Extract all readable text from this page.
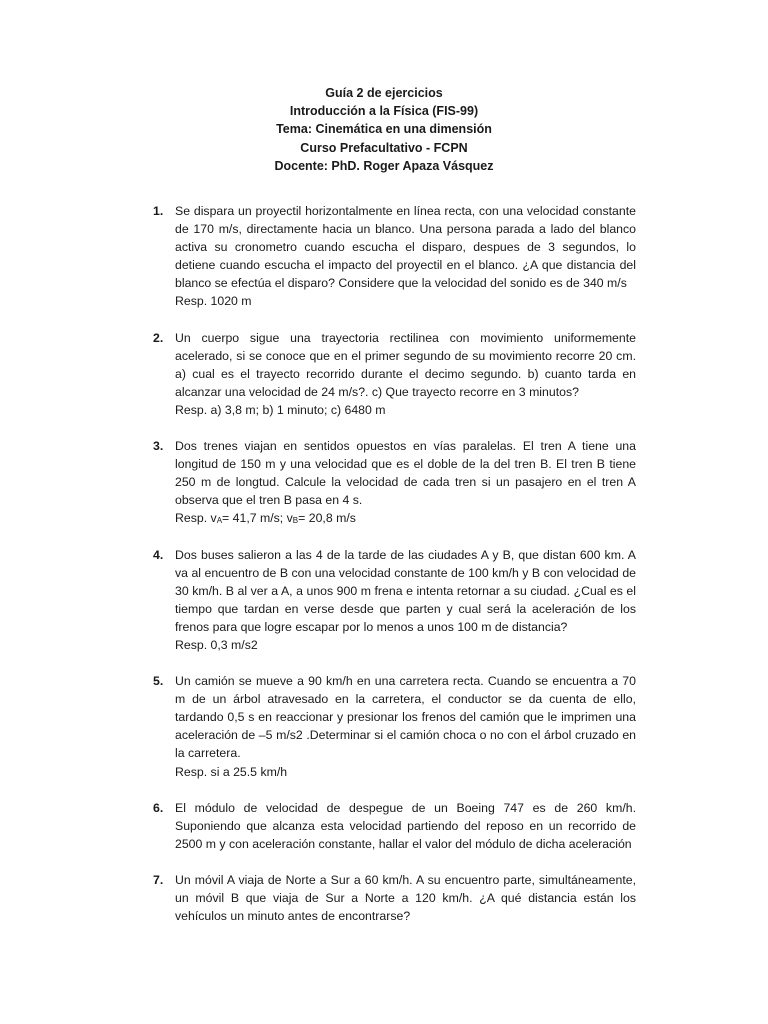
Guía 2 de ejercicios
Introducción a la Física (FIS-99)
Tema: Cinemática en una dimensión
Curso Prefacultativo - FCPN
Docente: PhD. Roger Apaza Vásquez
1. Se dispara un proyectil horizontalmente en línea recta, con una velocidad constante de 170 m/s, directamente hacia un blanco. Una persona parada a lado del blanco activa su cronometro cuando escucha el disparo, despues de 3 segundos, lo detiene cuando escucha el impacto del proyectil en el blanco. ¿A que distancia del blanco se efectúa el disparo? Considere que la velocidad del sonido es de 340 m/s
Resp. 1020 m
2. Un cuerpo sigue una trayectoria rectilinea con movimiento uniformemente acelerado, si se conoce que en el primer segundo de su movimiento recorre 20 cm. a) cual es el trayecto recorrido durante el decimo segundo. b) cuanto tarda en alcanzar una velocidad de 24 m/s?. c) Que trayecto recorre en 3 minutos?
Resp. a) 3,8 m; b) 1 minuto; c) 6480 m
3. Dos trenes viajan en sentidos opuestos en vías paralelas. El tren A tiene una longitud de 150 m y una velocidad que es el doble de la del tren B. El tren B tiene 250 m de longtud. Calcule la velocidad de cada tren si un pasajero en el tren A observa que el tren B pasa en 4 s.
Resp. $v_A= 41,7$ m/s; $v_B= 20,8$ m/s
4. Dos buses salieron a las 4 de la tarde de las ciudades A y B, que distan 600 km. A va al encuentro de B con una velocidad constante de 100 km/h y B con velocidad de 30 km/h. B al ver a A, a unos 900 m frena e intenta retornar a su ciudad. ¿Cual es el tiempo que tardan en verse desde que parten y cual será la aceleración de los frenos para que logre escapar por lo menos a unos 100 m de distancia?
Resp. 0,3 m/s2
5. Un camión se mueve a 90 km/h en una carretera recta. Cuando se encuentra a 70 m de un árbol atravesado en la carretera, el conductor se da cuenta de ello, tardando 0,5 s en reaccionar y presionar los frenos del camión que le imprimen una aceleración de –5 m/s2 .Determinar si el camión choca o no con el árbol cruzado en la carretera.
Resp. si a 25.5 km/h
6. El módulo de velocidad de despegue de un Boeing 747 es de 260 km/h. Suponiendo que alcanza esta velocidad partiendo del reposo en un recorrido de 2500 m y con aceleración constante, hallar el valor del módulo de dicha aceleración
7. Un móvil A viaja de Norte a Sur a 60 km/h. A su encuentro parte, simultáneamente, un móvil B que viaja de Sur a Norte a 120 km/h. ¿A qué distancia están los vehículos un minuto antes de encontrarse?
